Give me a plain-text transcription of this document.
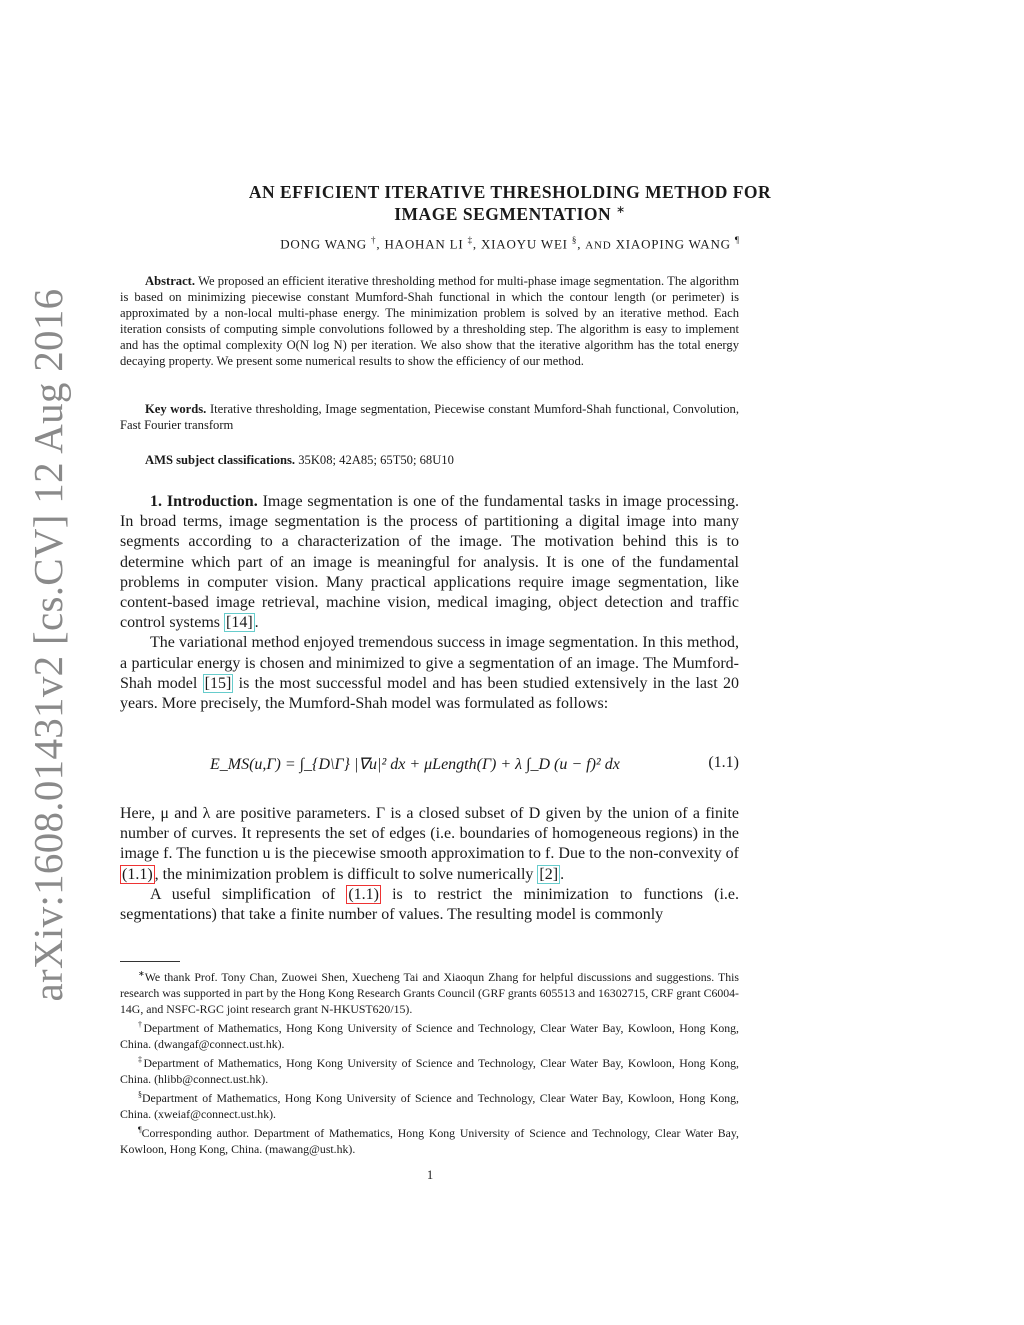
arXiv:1608.01431v2 [cs.CV] 12 Aug 2016
AN EFFICIENT ITERATIVE THRESHOLDING METHOD FOR
IMAGE SEGMENTATION ∗
DONG WANG †, HAOHAN LI ‡, XIAOYU WEI §, AND XIAOPING WANG ¶

Abstract. We proposed an efficient iterative thresholding method for multi-phase image segmentation. The algorithm is based on minimizing piecewise constant Mumford-Shah functional in which the contour length (or perimeter) is approximated by a non-local multi-phase energy. The minimization problem is solved by an iterative method. Each iteration consists of computing simple convolutions followed by a thresholding step. The algorithm is easy to implement and has the optimal complexity O(N log N) per iteration. We also show that the iterative algorithm has the total energy decaying property. We present some numerical results to show the efficiency of our method.

Key words. Iterative thresholding, Image segmentation, Piecewise constant Mumford-Shah functional, Convolution, Fast Fourier transform

AMS subject classifications. 35K08; 42A85; 65T50; 68U10

1. Introduction. Image segmentation is one of the fundamental tasks in image processing. In broad terms, image segmentation is the process of partitioning a digital image into many segments according to a characterization of the image. The motivation behind this is to determine which part of an image is meaningful for analysis. It is one of the fundamental problems in computer vision. Many practical applications require image segmentation, like content-based image retrieval, machine vision, medical imaging, object detection and traffic control systems [14] .

The variational method enjoyed tremendous success in image segmentation. In this method, a particular energy is chosen and minimized to give a segmentation of an image. The Mumford-Shah model [15] is the most successful model and has been studied extensively in the last 20 years. More precisely, the Mumford-Shah model was formulated as follows:

E_MS(u,Γ) = ∫_{D\Γ} |∇u|² dx + μLength(Γ) + λ ∫_D (u − f)² dx	(1.1)

Here, μ and λ are positive parameters. Γ is a closed subset of D given by the union of a finite number of curves. It represents the set of edges (i.e. boundaries of homogeneous regions) in the image f. The function u is the piecewise smooth approximation to f. Due to the non-convexity of (1.1) , the minimization problem is difficult to solve numerically [2] .

A useful simplification of (1.1) is to restrict the minimization to functions (i.e. segmentations) that take a finite number of values. The resulting model is commonly

∗We thank Prof. Tony Chan, Zuowei Shen, Xuecheng Tai and Xiaoqun Zhang for helpful discussions and suggestions. This research was supported in part by the Hong Kong Research Grants Council (GRF grants 605513 and 16302715, CRF grant C6004-14G, and NSFC-RGC joint research grant N-HKUST620/15).

†Department of Mathematics, Hong Kong University of Science and Technology, Clear Water Bay, Kowloon, Hong Kong, China. (dwangaf@connect.ust.hk).

‡Department of Mathematics, Hong Kong University of Science and Technology, Clear Water Bay, Kowloon, Hong Kong, China. (hlibb@connect.ust.hk).

§Department of Mathematics, Hong Kong University of Science and Technology, Clear Water Bay, Kowloon, Hong Kong, China. (xweiaf@connect.ust.hk).

¶Corresponding author. Department of Mathematics, Hong Kong University of Science and Technology, Clear Water Bay, Kowloon, Hong Kong, China. (mawang@ust.hk).

1
